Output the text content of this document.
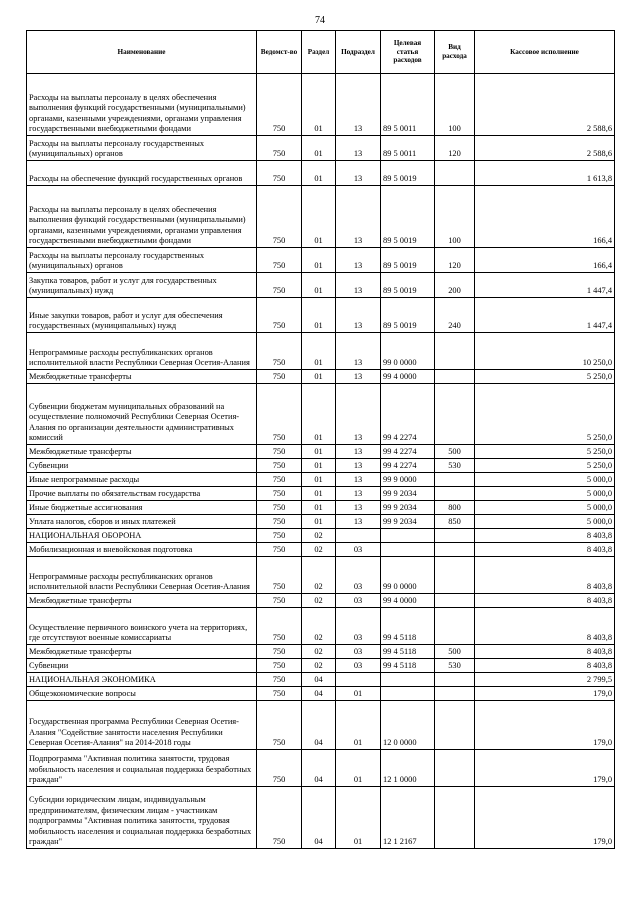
74
Наименование	Ведомст-во	Раздел	Подраздел	Целевая статья расходов	Вид расхода	Кассовое исполнение
Расходы на выплаты персоналу в целях обеспечения выполнения функций государственными (муниципальными) органами, казенными учреждениями, органами управления государственными внебюджетными фондами	750	01	13	89 5 0011	100	2 588,6
Расходы на выплаты персоналу государственных (муниципальных) органов	750	01	13	89 5 0011	120	2 588,6
Расходы на обеспечение функций государственных органов	750	01	13	89 5 0019		1 613,8
Расходы на выплаты персоналу в целях обеспечения выполнения функций государственными (муниципальными) органами, казенными учреждениями, органами управления государственными внебюджетными фондами	750	01	13	89 5 0019	100	166,4
Расходы на выплаты персоналу государственных (муниципальных) органов	750	01	13	89 5 0019	120	166,4
Закупка товаров, работ и услуг для государственных (муниципальных) нужд	750	01	13	89 5 0019	200	1 447,4
Иные закупки товаров, работ и услуг для обеспечения государственных (муниципальных) нужд	750	01	13	89 5 0019	240	1 447,4
Непрограммные расходы республиканских органов исполнительной власти Республики Северная Осетия-Алания	750	01	13	99 0 0000		10 250,0
Межбюджетные трансферты	750	01	13	99 4 0000		5 250,0
Субвенции бюджетам муниципальных образований на осуществление полномочий Республики Северная Осетия-Алания по организации деятельности административных комиссий	750	01	13	99 4 2274		5 250,0
Межбюджетные трансферты	750	01	13	99 4 2274	500	5 250,0
Субвенции	750	01	13	99 4 2274	530	5 250,0
Иные непрограммные расходы	750	01	13	99 9 0000		5 000,0
Прочие выплаты по обязательствам государства	750	01	13	99 9 2034		5 000,0
Иные бюджетные ассигнования	750	01	13	99 9 2034	800	5 000,0
Уплата налогов, сборов и иных платежей	750	01	13	99 9 2034	850	5 000,0
НАЦИОНАЛЬНАЯ ОБОРОНА	750	02				8 403,8
Мобилизационная и вневойсковая подготовка	750	02	03			8 403,8
Непрограммные расходы республиканских органов исполнительной власти Республики Северная Осетия-Алания	750	02	03	99 0 0000		8 403,8
Межбюджетные трансферты	750	02	03	99 4 0000		8 403,8
Осуществление первичного воинского учета на территориях, где отсутствуют военные комиссариаты	750	02	03	99 4 5118		8 403,8
Межбюджетные трансферты	750	02	03	99 4 5118	500	8 403,8
Субвенции	750	02	03	99 4 5118	530	8 403,8
НАЦИОНАЛЬНАЯ ЭКОНОМИКА	750	04				2 799,5
Общеэкономические вопросы	750	04	01			179,0
Государственная программа Республики Северная Осетия-Алания "Содействие занятости населения Республики Северная Осетия-Алания" на 2014-2018 годы	750	04	01	12 0 0000		179,0
Подпрограмма "Активная политика занятости, трудовая мобильность населения и социальная поддержка безработных граждан"	750	04	01	12 1 0000		179,0
Субсидии юридическим лицам, индивидуальным предпринимателям, физическим лицам - участникам подпрограммы "Активная политика занятости, трудовая мобильность населения и социальная поддержка безработных граждан"	750	04	01	12 1 2167		179,0
